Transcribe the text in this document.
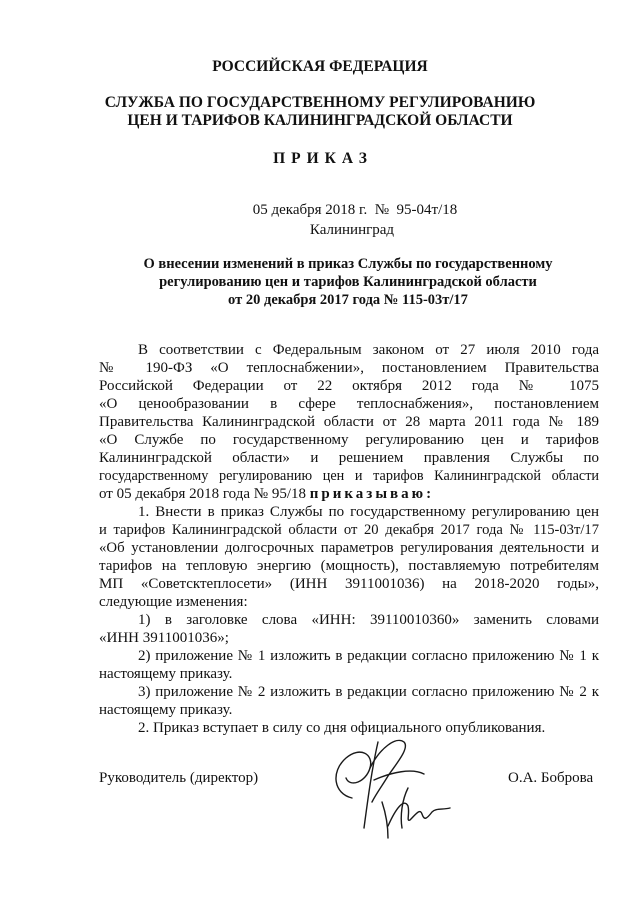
РОССИЙСКАЯ ФЕДЕРАЦИЯ
СЛУЖБА ПО ГОСУДАРСТВЕННОМУ РЕГУЛИРОВАНИЮ
ЦЕН И ТАРИФОВ КАЛИНИНГРАДСКОЙ ОБЛАСТИ
ПРИКАЗ
05 декабря 2018 г.  №  95-04т/18
Калининград
О внесении изменений в приказ Службы по государственному
регулированию цен и тарифов Калининградской области
от 20 декабря 2017 года № 115-03т/17
В соответствии с Федеральным законом от 27 июля 2010 года
№ 190-ФЗ «О теплоснабжении», постановлением Правительства
Российской Федерации от 22 октября 2012 года № 1075
«О ценообразовании в сфере теплоснабжения», постановлением
Правительства Калининградской области от 28 марта 2011 года № 189
«О Службе по государственному регулированию цен и тарифов
Калининградской области» и решением правления Службы по
государственному регулированию цен и тарифов Калининградской области
от 05 декабря 2018 года № 95/18 приказываю:
1. Внести в приказ Службы по государственному регулированию цен
и тарифов Калининградской области от 20 декабря 2017 года № 115-03т/17
«Об установлении долгосрочных параметров регулирования деятельности и
тарифов на тепловую энергию (мощность), поставляемую потребителям
МП «Советсктеплосети» (ИНН 3911001036) на 2018-2020 годы»,
следующие изменения:
1) в заголовке слова «ИНН: 39110010360» заменить словами
«ИНН 3911001036»;
2) приложение № 1 изложить в редакции согласно приложению № 1 к
настоящему приказу.
3) приложение № 2 изложить в редакции согласно приложению № 2 к
настоящему приказу.
2. Приказ вступает в силу со дня официального опубликования.
Руководитель (директор)	О.А. Боброва
